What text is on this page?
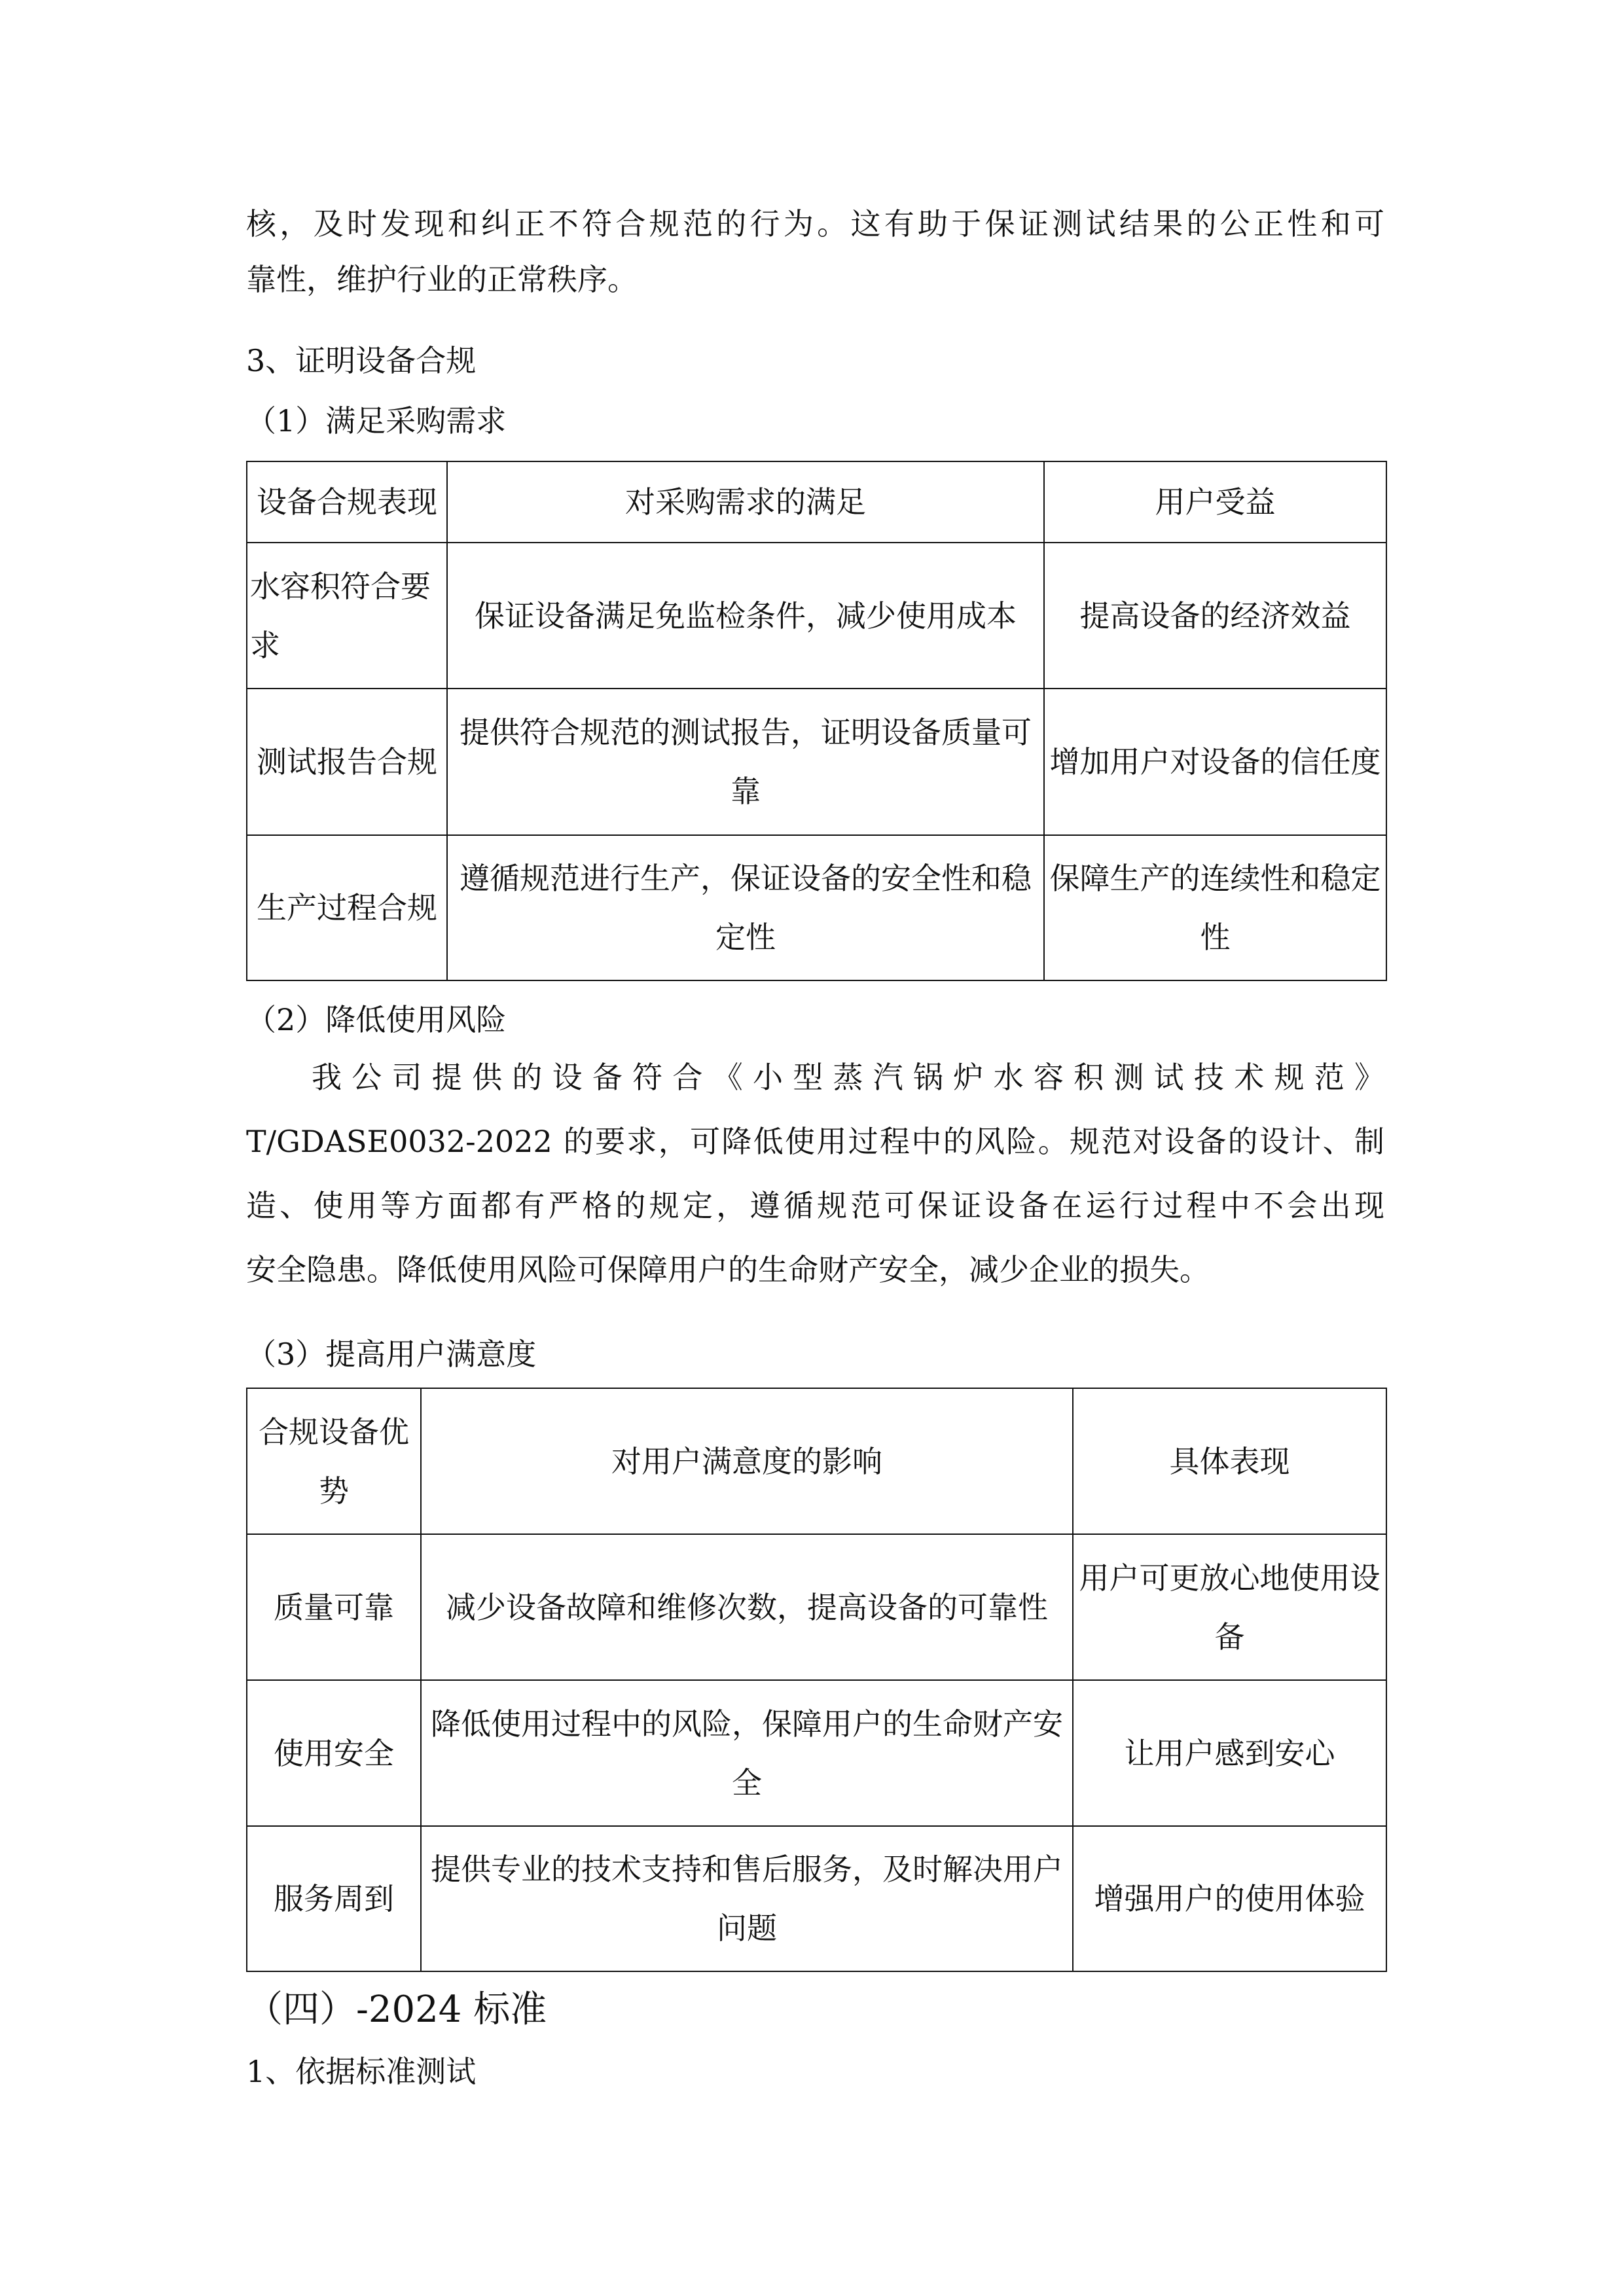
核，及时发现和纠正不符合规范的行为。这有助于保证测试结果的公正性和可

靠性，维护行业的正常秩序。

3、证明设备合规
（1）满足采购需求
设备合规表现	对采购需求的满足	用户受益
水容积符合要求	保证设备满足免监检条件，减少使用成本	提高设备的经济效益
测试报告合规	提供符合规范的测试报告，证明设备质量可靠	增加用户对设备的信任度
生产过程合规	遵循规范进行生产，保证设备的安全性和稳定性	保障生产的连续性和稳定性
（2）降低使用风险

我公司提供的设备符合《小型蒸汽锅炉水容积测试技术规范》

T/GDASE0032-2022 的要求，可降低使用过程中的风险。规范对设备的设计、制

造、使用等方面都有严格的规定，遵循规范可保证设备在运行过程中不会出现

安全隐患。降低使用风险可保障用户的生命财产安全，减少企业的损失。

（3）提高用户满意度
合规设备优势	对用户满意度的影响	具体表现
质量可靠	减少设备故障和维修次数，提高设备的可靠性	用户可更放心地使用设备
使用安全	降低使用过程中的风险，保障用户的生命财产安全	让用户感到安心
服务周到	提供专业的技术支持和售后服务，及时解决用户问题	增强用户的使用体验
（四）-2024 标准
1、依据标准测试
